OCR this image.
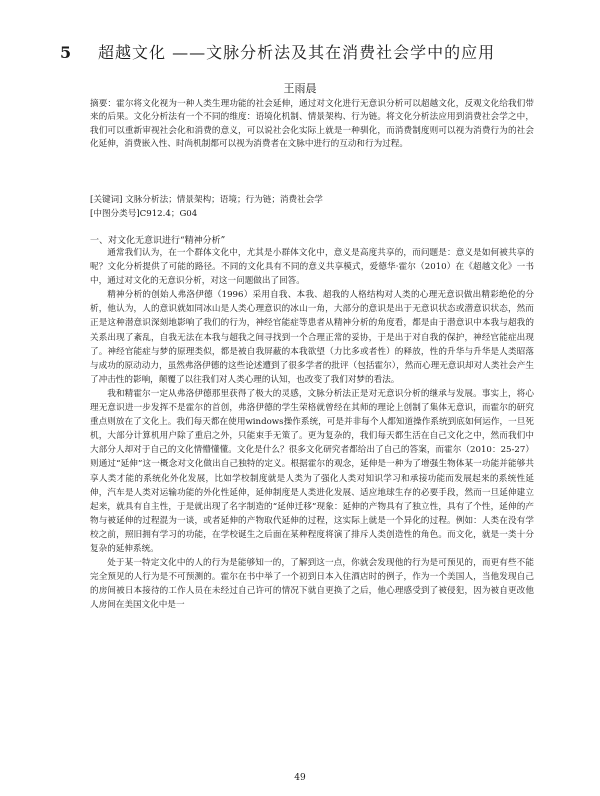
5 超越文化 ——文脉分析法及其在消费社会学中的应用
王雨晨

摘要：霍尔将文化视为一种人类生理功能的社会延伸，通过对文化进行无意识分析可以超越文化，反观文化给我们带来的后果。文化分析法有一个不同的维度：语境化机制、情景架构、行为链。将文化分析法应用到消费社会学之中，我们可以重新审视社会化和消费的意义，可以说社会化实际上就是一种驯化，而消费制度则可以视为消费行为的社会化延伸，消费嵌入性、时尚机制都可以视为消费者在文脉中进行的互动和行为过程。

[关键词] 文脉分析法；情景架构；语境；行为链；消费社会学

[中图分类号]C912.4；G04

一、对文化无意识进行“精神分析”

通常我们认为，在一个群体文化中，尤其是小群体文化中，意义是高度共享的，而问题是：意义是如何被共享的呢？文化分析提供了可能的路径。不同的文化具有不同的意义共享模式，爱德华·霍尔（2010）在《超越文化》一书中，通过对文化的无意识分析，对这一问题做出了回答。

精神分析的创始人弗洛伊德（1996）采用自我、本我、超我的人格结构对人类的心理无意识做出精彩绝伦的分析，他认为，人的意识就如同冰山是人类心理意识的冰山一角，大部分的意识是出于无意识状态或潜意识状态，然而正是这种潜意识深刻地影响了我们的行为，神经官能症等患者从精神分析的角度看，都是由于潜意识中本我与超我的关系出现了紊乱，自我无法在本我与超我之间寻找到一个合理正常的妥协，于是出于对自我的保护，神经官能症出现了。神经官能症与梦的原理类似，都是被自我屏蔽的本我欲望（力比多或者性）的释放，性的升华与升华是人类昭落与成功的原动动力，虽然弗洛伊德的这些论述遭到了很多学者的批评（包括霍尔），然而心理无意识却对人类社会产生了冲击性的影响，颠覆了以往我们对人类心理的认知，也改变了我们对梦的看法。

我和精霍尔一定从弗洛伊德那里获得了极大的灵感，文脉分析法正是对无意识分析的继承与发展。事实上，将心理无意识进一步发挥不是霍尔的首创，弗洛伊德的学生荣格就曾经在其师的理论上创制了集体无意识，而霍尔的研究重点则放在了文化上。我们每天都在使用windows操作系统，可是并非每个人都知道操作系统到底如何运作，一旦死机，大部分计算机用户除了重启之外，只能束手无策了。更为复杂的，我们每天都生活在自己文化之中，然而我们中大部分人却对于自己的文化情懵懂懂。文化是什么？很多文化研究者都给出了自己的答案，而霍尔（2010：25-27）则通过“延伸”这一概念对文化做出自己独特的定义。根据霍尔的观念，延伸是一种为了增强生物体某一功能并能够共享人类才能的系统化外化发展，比如学校制度就是人类为了强化人类对知识学习和承接功能而发展起来的系统性延伸，汽车是人类对运输功能的外化性延伸，延伸制度是人类进化发展、适应地球生存的必要手段，然而一旦延伸建立起来，就具有自主性，于是就出现了名字制造的“延伸迁移”现象：延伸的产物具有了独立性，具有了个性，延伸的产物与被延伸的过程混为一谈，或者延伸的产物取代延伸的过程，这实际上就是一个异化的过程。例如：人类在没有学校之前，照旧拥有学习的功能，在学校诞生之后面在某种程度将演了排斥人类创造性的角色。而文化，就是一类十分复杂的延伸系统。

处于某一特定文化中的人的行为是能够知一的，了解到这一点，你就会发现他的行为是可预见的，而更有些不能完全预见的人行为是不可预测的。霍尔在书中举了一个初到日本入住酒店时的例子，作为一个美国人，当他发现自己的房间被日本接待的工作人员在未经过自己许可的情况下就自更换了之后，他心理感受到了被侵犯，因为被自更改他人房间在美国文化中是一

49
